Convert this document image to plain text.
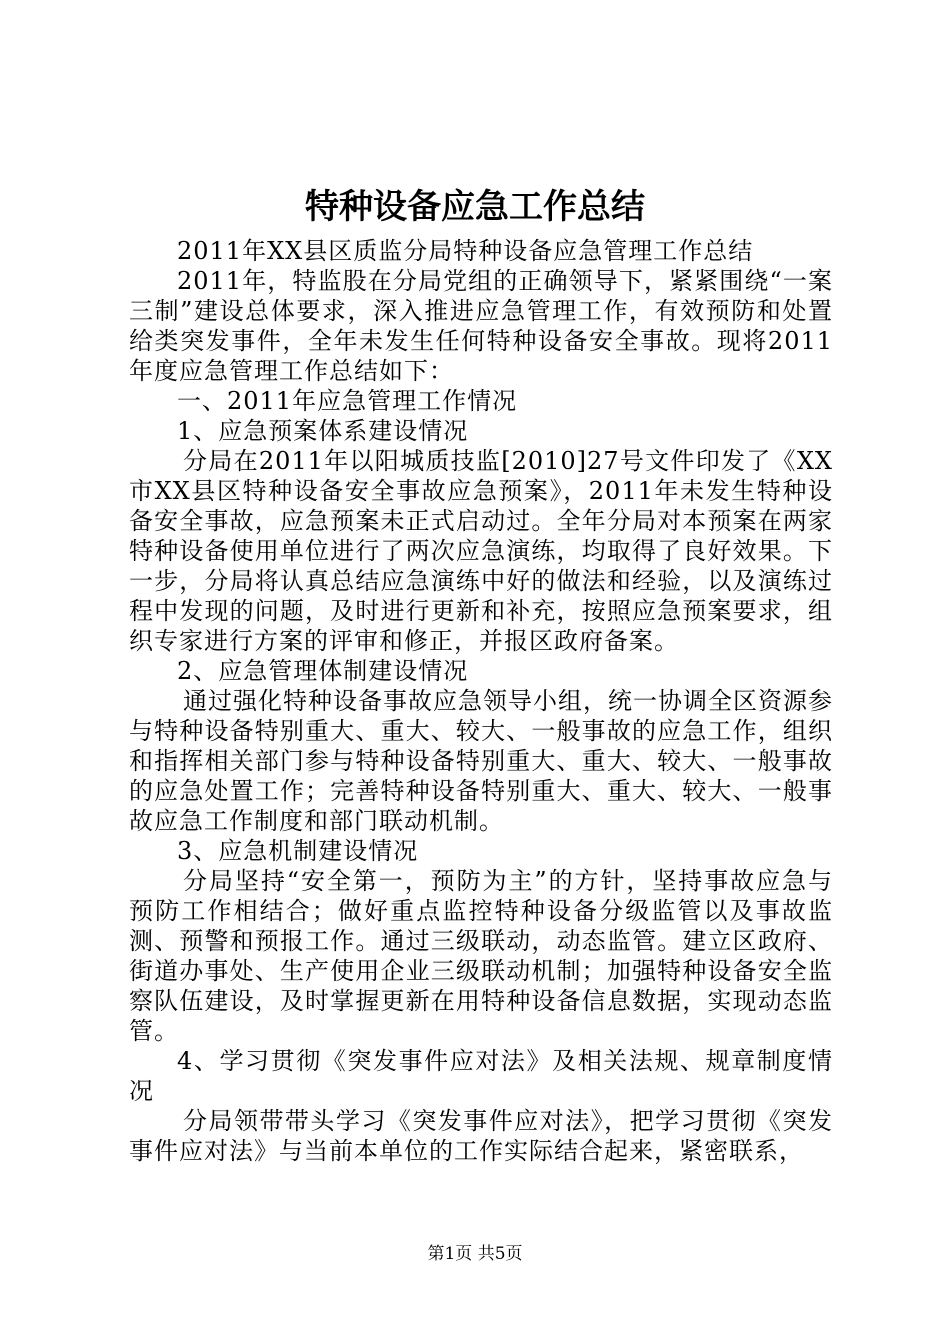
特种设备应急工作总结

2011年XX县区质监分局特种设备应急管理工作总结

2011年，特监股在分局党组的正确领导下，紧紧围绕“一案三制”建设总体要求，深入推进应急管理工作，有效预防和处置给类突发事件，全年未发生任何特种设备安全事故。现将2011年度应急管理工作总结如下：

一、2011年应急管理工作情况

1、应急预案体系建设情况

分局在2011年以阳城质技监[2010]27号文件印发了《XX市XX县区特种设备安全事故应急预案》，2011年未发生特种设备安全事故，应急预案未正式启动过。全年分局对本预案在两家特种设备使用单位进行了两次应急演练，均取得了良好效果。下一步，分局将认真总结应急演练中好的做法和经验，以及演练过程中发现的问题，及时进行更新和补充，按照应急预案要求，组织专家进行方案的评审和修正，并报区政府备案。

2、应急管理体制建设情况

通过强化特种设备事故应急领导小组，统一协调全区资源参与特种设备特别重大、重大、较大、一般事故的应急工作，组织和指挥相关部门参与特种设备特别重大、重大、较大、一般事故的应急处置工作；完善特种设备特别重大、重大、较大、一般事故应急工作制度和部门联动机制。

3、应急机制建设情况

分局坚持“安全第一，预防为主”的方针，坚持事故应急与预防工作相结合；做好重点监控特种设备分级监管以及事故监测、预警和预报工作。通过三级联动，动态监管。建立区政府、街道办事处、生产使用企业三级联动机制；加强特种设备安全监察队伍建设，及时掌握更新在用特种设备信息数据，实现动态监管。

4、学习贯彻《突发事件应对法》及相关法规、规章制度情况

分局领带带头学习《突发事件应对法》，把学习贯彻《突发事件应对法》与当前本单位的工作实际结合起来，紧密联系，

第1页 共5页
